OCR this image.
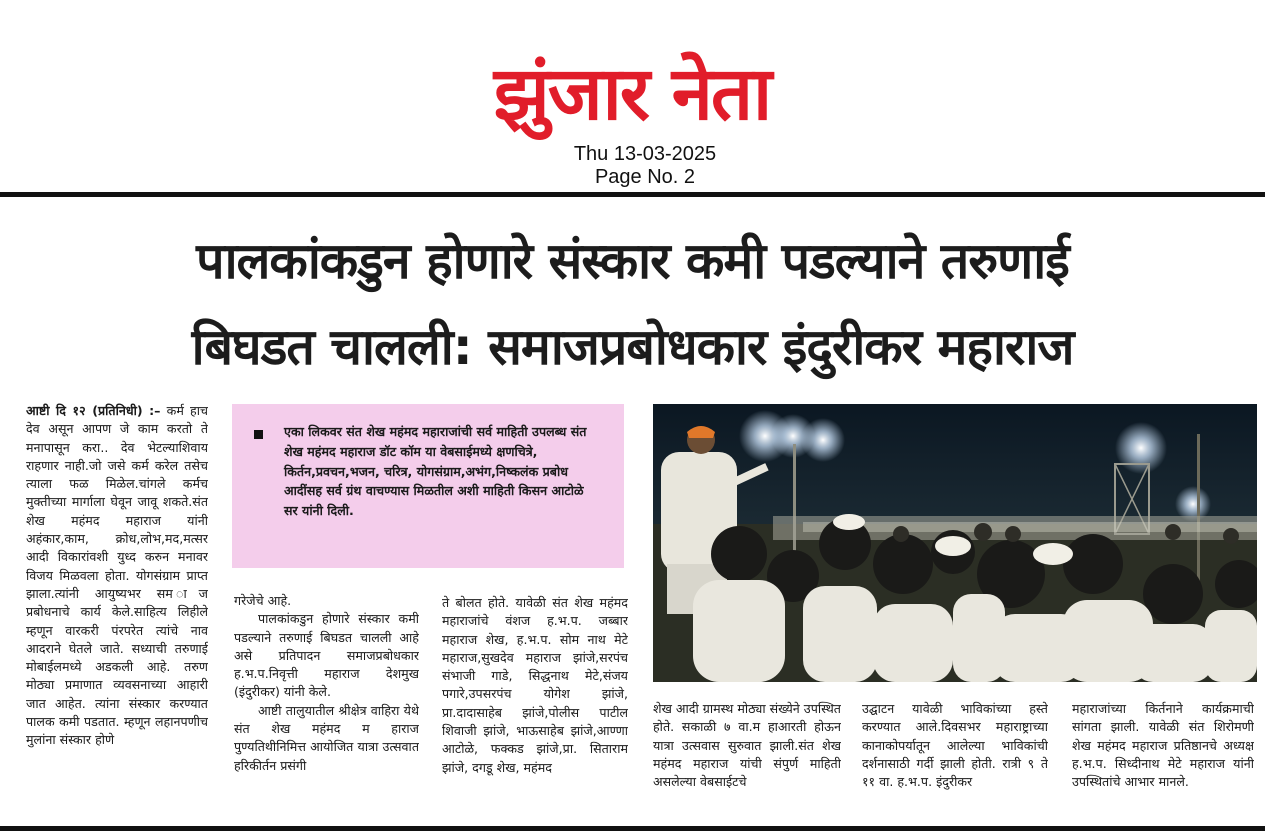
झुंजार नेता
Thu 13-03-2025
Page No. 2
पालकांकडुन होणारे संस्कार कमी पडल्याने तरुणाई
बिघडत चालली: समाजप्रबोधकार इंदुरीकर महाराज

आष्टी दि १२ (प्रतिनिधी) :– कर्म हाच देव असून आपण जे काम करतो ते मनापासून करा.. देव भेटल्याशिवाय राहणार नाही.जो जसे कर्म करेल तसेच त्याला फळ मिळेल.चांगले कर्मच मुक्तीच्या मार्गाला घेवून जावू शकते.संत शेख महंमद महाराज यांनी अहंकार,काम, क्रोध,लोभ,मद,मत्सर आदी विकारांवशी युध्द करुन मनावर विजय मिळवला होता. योगसंग्राम प्राप्त झाला.त्यांनी आयुष्यभर सम ाज प्रबोधनाचे कार्य केले.साहित्य लिहीले म्हणून वारकरी पंरपरेत त्यांचे नाव आदराने घेतले जाते. सध्याची तरुणाई मोबाईलमध्ये अडकली आहे. तरुण मोठ्या प्रमाणात व्यवसनाच्या आहारी जात आहेत. त्यांना संस्कार करण्यात पालक कमी पडतात. म्हणून लहानपणीच मुलांना संस्कार होणे

एका लिकवर संत शेख महंमद महाराजांची सर्व माहिती उपलब्ध संत शेख महंमद महाराज डॉट कॉम या वेबसाईमध्ये क्षणचित्रे, किर्तन,प्रवचन,भजन, चरित्र, योगसंग्राम,अभंग,निष्कलंक प्रबोध आदींसह सर्व ग्रंथ वाचण्यास मिळतील अशी माहिती किसन आटोळे सर यांनी दिली.

गरेजेचे आहे.

पालकांकडुन होणारे संस्कार कमी पडल्याने तरुणाई बिघडत चालली आहे असे प्रतिपादन समाजप्रबोधकार ह.भ.प.निवृत्ती महाराज देशमुख (इंदुरीकर) यांनी केले.

आष्टी तालुयातील श्रीक्षेत्र वाहिरा येथे संत शेख महंमद म हाराज पुण्यतिथीनिमित्त आयोजित यात्रा उत्सवात हरिकीर्तन प्रसंगी

ते बोलत होते. यावेळी संत शेख महंमद महाराजांचे वंशज ह.भ.प. जब्बार महाराज शेख, ह.भ.प. सोम नाथ मेटे महाराज,सुखदेव महाराज झांजे,सरपंच संभाजी गाडे, सिद्धनाथ मेटे,संजय पगारे,उपसरपंच योगेश झांजे, प्रा.दादासाहेब झांजे,पोलीस पाटील शिवाजी झांजे, भाऊसाहेब झांजे,आण्णा आटोळे, फक्कड झांजे,प्रा. सिताराम झांजे, दगडू शेख, महंमद

शेख आदी ग्रामस्थ मोठ्या संख्येने उपस्थित होते. सकाळी ७ वा.म हाआरती होऊन यात्रा उत्सवास सुरुवात झाली.संत शेख महंमद महाराज यांची संपुर्ण माहिती असलेल्या वेबसाईटचे

उद्घाटन यावेळी भाविकांच्या हस्ते करण्यात आले.दिवसभर महाराष्ट्राच्या कानाकोपर्यातून आलेल्या भाविकांची दर्शनासाठी गर्दी झाली होती. रात्री ९ ते ११ वा. ह.भ.प. इंदुरीकर

महाराजांच्या किर्तनाने कार्यक्रमाची सांगता झाली. यावेळी संत शिरोमणी शेख महंमद महाराज प्रतिष्ठानचे अध्यक्ष ह.भ.प. सिध्दीनाथ मेटे महाराज यांनी उपस्थितांचे आभार मानले.
